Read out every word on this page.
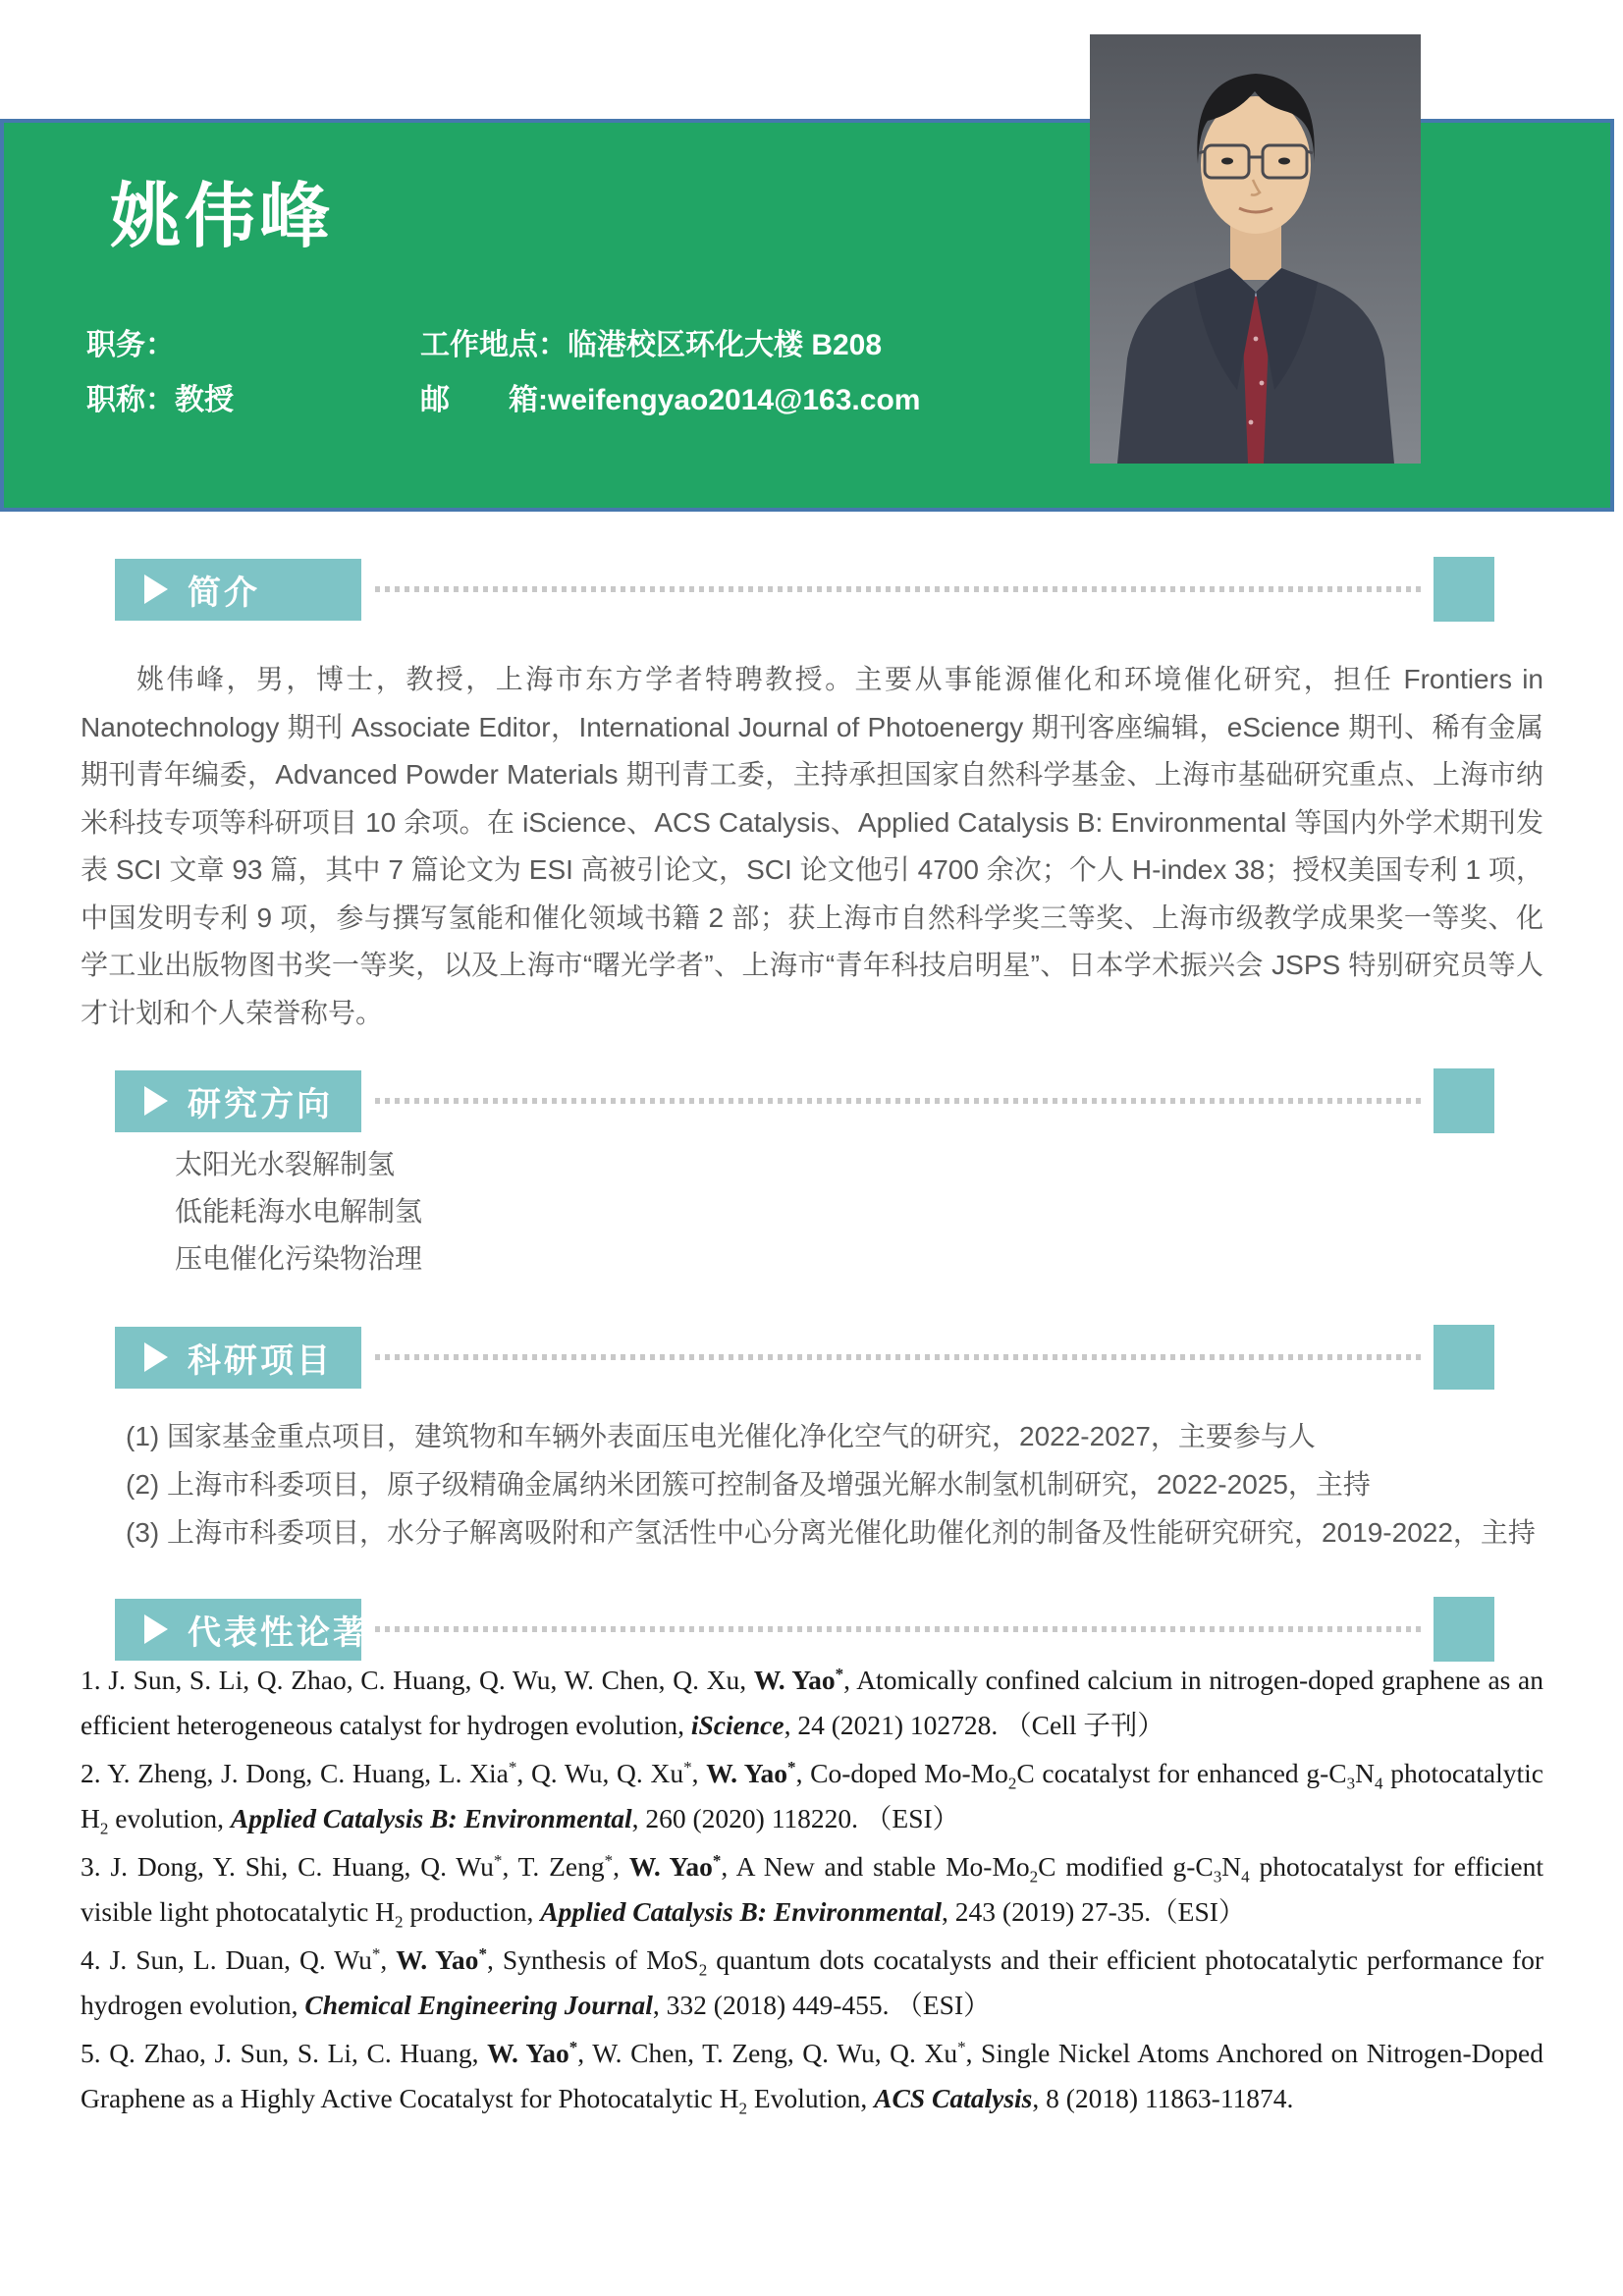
姚伟峰
职务：	工作地点：临港校区环化大楼 B208
职称：教授	邮　　箱:weifengyao2014@163.com
简介
姚伟峰，男，博士，教授，上海市东方学者特聘教授。主要从事能源催化和环境催化研究，担任 Frontiers in Nanotechnology 期刊 Associate Editor，International Journal of Photoenergy 期刊客座编辑，eScience 期刊、稀有金属期刊青年编委，Advanced Powder Materials 期刊青工委，主持承担国家自然科学基金、上海市基础研究重点、上海市纳米科技专项等科研项目 10 余项。在 iScience、ACS Catalysis、Applied Catalysis B: Environmental 等国内外学术期刊发表 SCI 文章 93 篇，其中 7 篇论文为 ESI 高被引论文，SCI 论文他引 4700 余次；个人 H-index 38；授权美国专利 1 项，中国发明专利 9 项，参与撰写氢能和催化领域书籍 2 部；获上海市自然科学奖三等奖、上海市级教学成果奖一等奖、化学工业出版物图书奖一等奖，以及上海市“曙光学者”、上海市“青年科技启明星”、日本学术振兴会 JSPS 特别研究员等人才计划和个人荣誉称号。
研究方向
太阳光水裂解制氢
低能耗海水电解制氢
压电催化污染物治理
科研项目
(1) 国家基金重点项目，建筑物和车辆外表面压电光催化净化空气的研究，2022-2027，主要参与人
(2) 上海市科委项目，原子级精确金属纳米团簇可控制备及增强光解水制氢机制研究，2022-2025，主持
(3) 上海市科委项目，水分子解离吸附和产氢活性中心分离光催化助催化剂的制备及性能研究研究，2019-2022，主持
代表性论著

1. J. Sun, S. Li, Q. Zhao, C. Huang, Q. Wu, W. Chen, Q. Xu, W. Yao*, Atomically confined calcium in nitrogen-doped graphene as an efficient heterogeneous catalyst for hydrogen evolution, iScience, 24 (2021) 102728. （Cell 子刊）

2. Y. Zheng, J. Dong, C. Huang, L. Xia*, Q. Wu, Q. Xu*, W. Yao*, Co-doped $Mo-Mo_2C$ cocatalyst for enhanced $g-C_3N_4$ photocatalytic $H_2$ evolution, Applied Catalysis B: Environmental, 260 (2020) 118220. （ESI）

3. J. Dong, Y. Shi, C. Huang, Q. Wu*, T. Zeng*, W. Yao*, A New and stable $Mo-Mo_2C$ modified $g-C_3N_4$ photocatalyst for efficient visible light photocatalytic $H_2$ production, Applied Catalysis B: Environmental, 243 (2019) 27-35.（ESI）

4. J. Sun, L. Duan, Q. Wu*, W. Yao*, Synthesis of MoS$_2$ quantum dots cocatalysts and their efficient photocatalytic performance for hydrogen evolution, Chemical Engineering Journal, 332 (2018) 449-455. （ESI）

5. Q. Zhao, J. Sun, S. Li, C. Huang, W. Yao*, W. Chen, T. Zeng, Q. Wu, Q. Xu*, Single Nickel Atoms Anchored on Nitrogen-Doped Graphene as a Highly Active Cocatalyst for Photocatalytic $H_2$ Evolution, ACS Catalysis, 8 (2018) 11863-11874.
